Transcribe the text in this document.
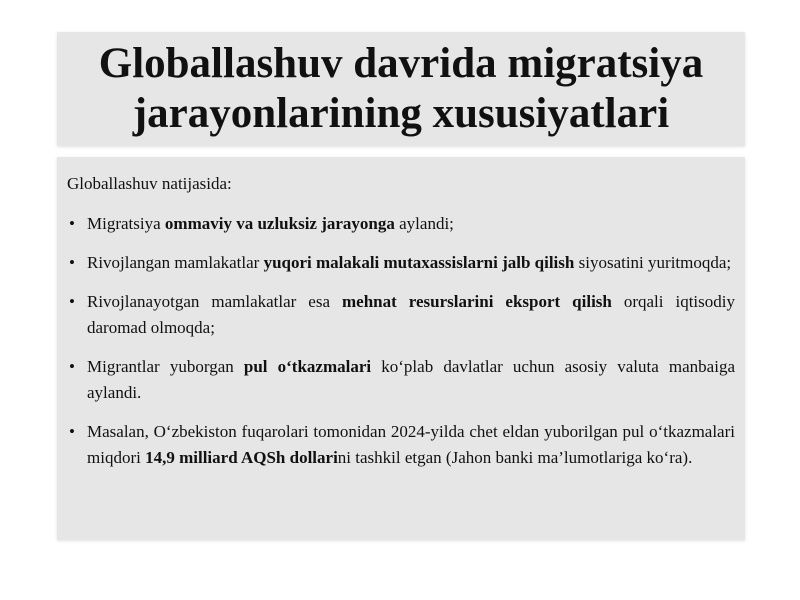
Globallashuv davrida migratsiya
jarayonlarining xususiyatlari

Globallashuv natijasida:

• Migratsiya ommaviy va uzluksiz jarayonga aylandi;
• Rivojlangan mamlakatlar yuqori malakali mutaxassislarni jalb qilish siyosatini yuritmoqda;
• Rivojlanayotgan mamlakatlar esa mehnat resurslarini eksport qilish orqali iqtisodiy daromad olmoqda;
• Migrantlar yuborgan pul o‘tkazmalari ko‘plab davlatlar uchun asosiy valuta manbaiga aylandi.
• Masalan, O‘zbekiston fuqarolari tomonidan 2024-yilda chet eldan yuborilgan pul o‘tkazmalari miqdori 14,9 milliard AQSh dollarini tashkil etgan (Jahon banki ma’lumotlariga ko‘ra).
